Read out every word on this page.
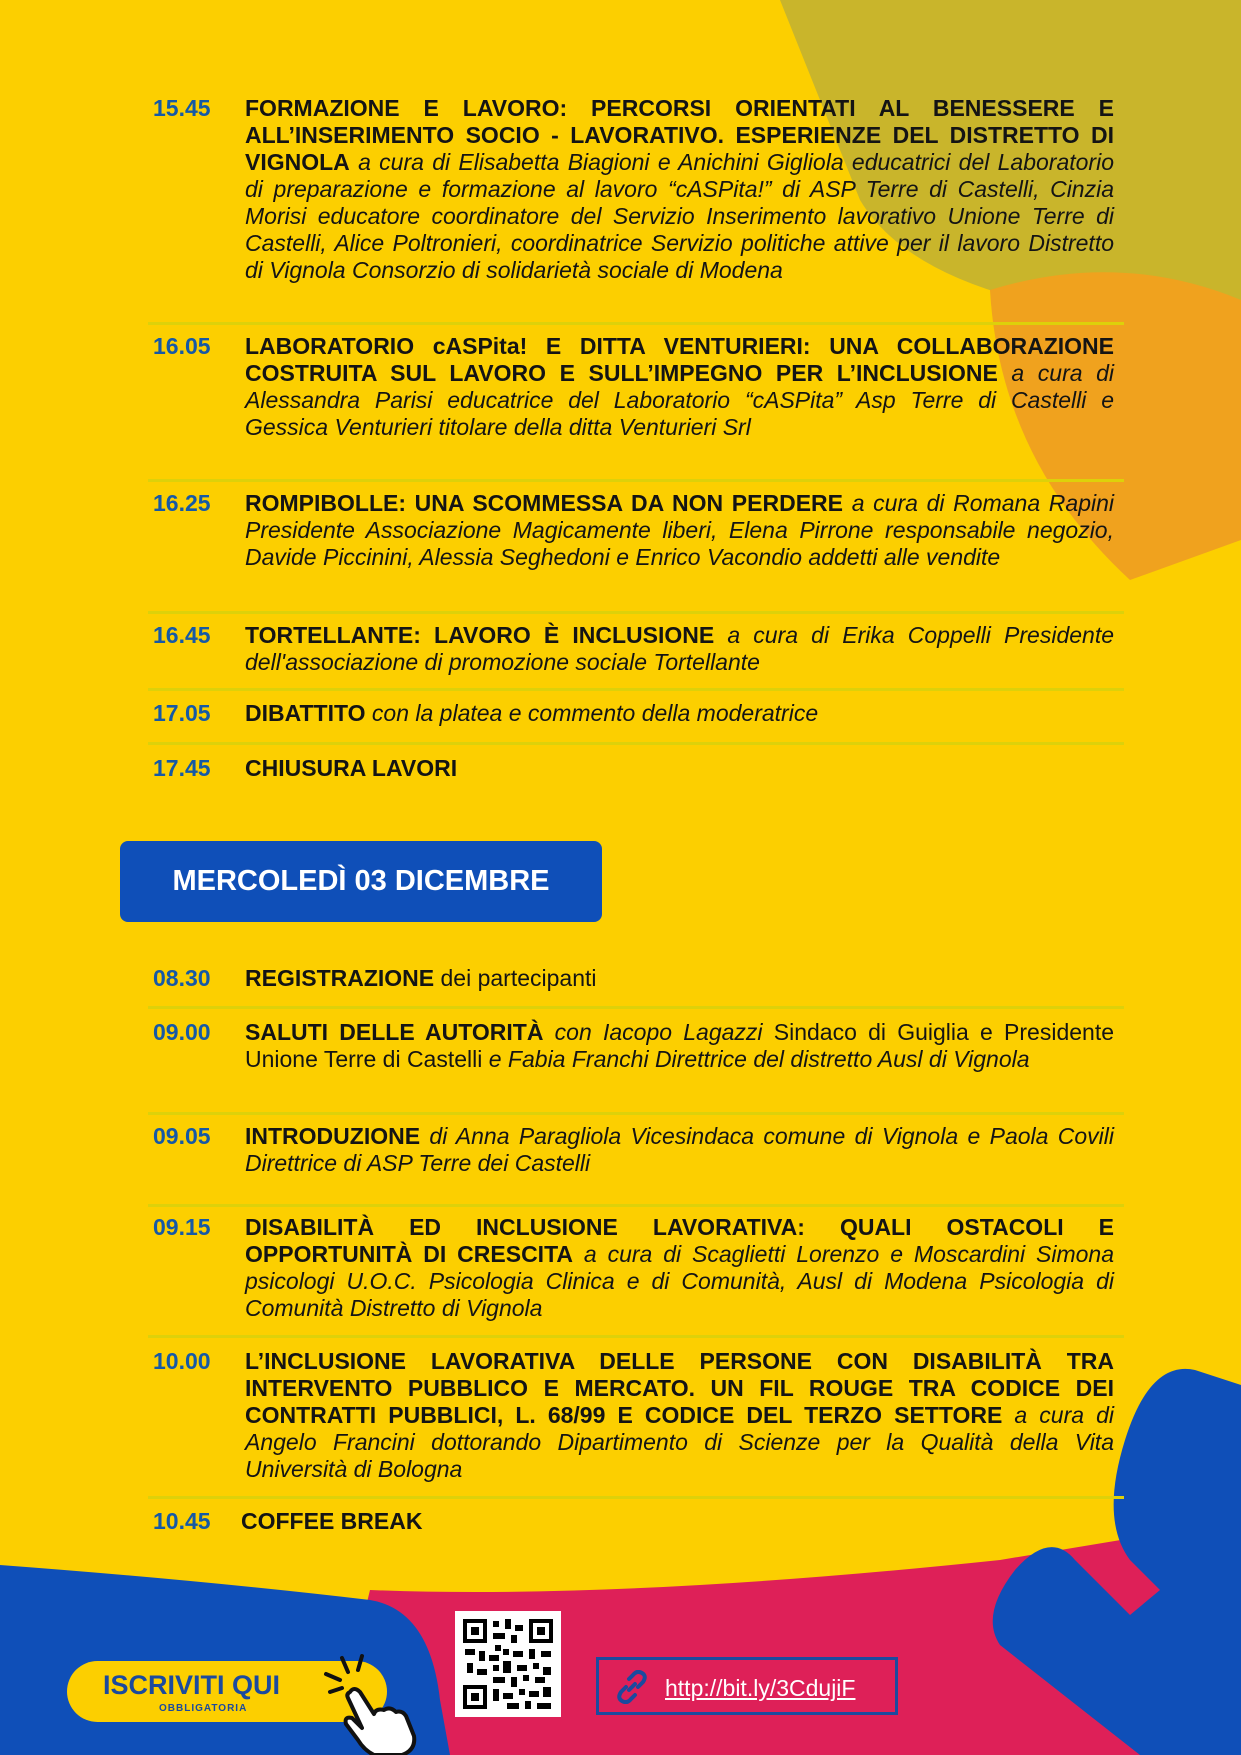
15.45 FORMAZIONE E LAVORO: PERCORSI ORIENTATI AL BENESSERE E ALL’INSERIMENTO SOCIO - LAVORATIVO. ESPERIENZE DEL DISTRETTO DI VIGNOLA a cura di Elisabetta Biagioni e Anichini Gigliola educatrici del Laboratorio di preparazione e formazione al lavoro “cASPita!” di ASP Terre di Castelli, Cinzia Morisi educatore coordinatore del Servizio Inserimento lavorativo Unione Terre di Castelli, Alice Poltronieri, coordinatrice Servizio politiche attive per il lavoro Distretto di Vignola Consorzio di solidarietà sociale di Modena
16.05 LABORATORIO cASPita! E DITTA VENTURIERI: UNA COLLABORAZIONE COSTRUITA SUL LAVORO E SULL’IMPEGNO PER L’INCLUSIONE a cura di Alessandra Parisi educatrice del Laboratorio “cASPita” Asp Terre di Castelli e Gessica Venturieri titolare della ditta Venturieri Srl
16.25 ROMPIBOLLE: UNA SCOMMESSA DA NON PERDERE a cura di Romana Rapini Presidente Associazione Magicamente liberi, Elena Pirrone responsabile negozio, Davide Piccinini, Alessia Seghedoni e Enrico Vacondio addetti alle vendite
16.45 TORTELLANTE: LAVORO È INCLUSIONE a cura di Erika Coppelli Presidente dell'associazione di promozione sociale Tortellante
17.05 DIBATTITO con la platea e commento della moderatrice
17.45 CHIUSURA LAVORI
MERCOLEDÌ 03 DICEMBRE
08.30 REGISTRAZIONE dei partecipanti
09.00 SALUTI DELLE AUTORITÀ con Iacopo Lagazzi Sindaco di Guiglia e Presidente Unione Terre di Castelli e Fabia Franchi Direttrice del distretto Ausl di Vignola
09.05 INTRODUZIONE di Anna Paragliola Vicesindaca comune di Vignola e Paola Covili Direttrice di ASP Terre dei Castelli
09.15 DISABILITÀ ED INCLUSIONE LAVORATIVA: QUALI OSTACOLI E OPPORTUNITÀ DI CRESCITA a cura di Scaglietti Lorenzo e Moscardini Simona psicologi U.O.C. Psicologia Clinica e di Comunità, Ausl di Modena Psicologia di Comunità Distretto di Vignola
10.00 L’INCLUSIONE LAVORATIVA DELLE PERSONE CON DISABILITÀ TRA INTERVENTO PUBBLICO E MERCATO. UN FIL ROUGE TRA CODICE DEI CONTRATTI PUBBLICI, L. 68/99 E CODICE DEL TERZO SETTORE a cura di Angelo Francini dottorando Dipartimento di Scienze per la Qualità della Vita Università di Bologna
10.45 COFFEE BREAK
ISCRIVITI QUI
OBBLIGATORIA
http://bit.ly/3CdujiF
